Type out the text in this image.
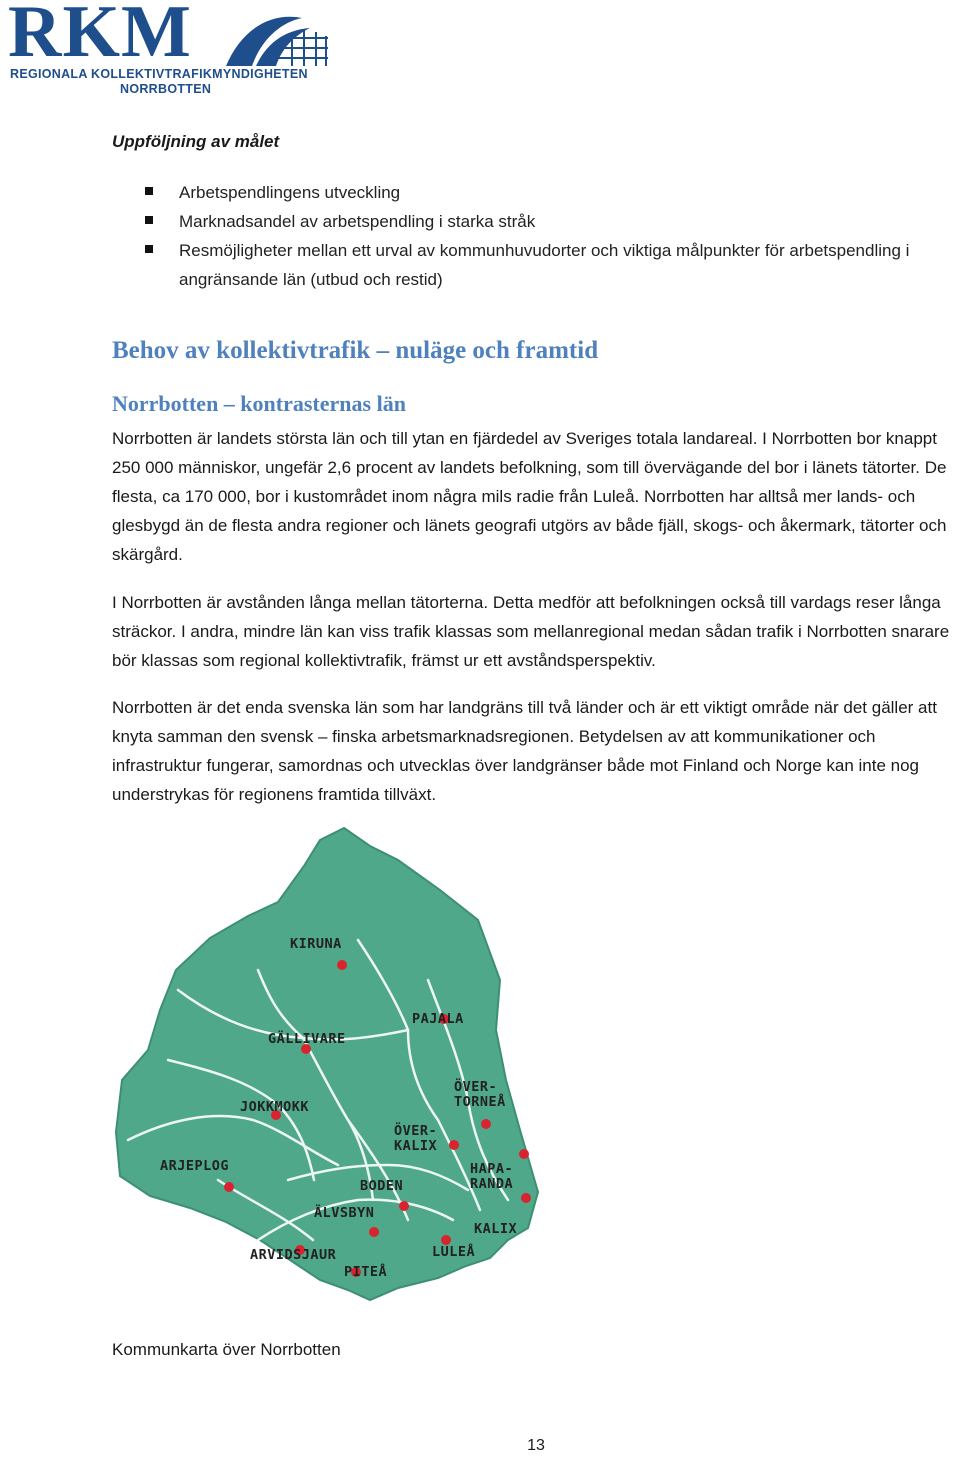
RKM
REGIONALA KOLLEKTIVTRAFIKMYNDIGHETEN
NORRBOTTEN
Uppföljning av målet
Arbetspendlingens utveckling
Marknadsandel av arbetspendling i starka stråk
Resmöjligheter mellan ett urval av kommunhuvudorter och viktiga målpunkter för arbetspendling i angränsande län (utbud och restid)
Behov av kollektivtrafik – nuläge och framtid
Norrbotten – kontrasternas län

Norrbotten är landets största län och till ytan en fjärdedel av Sveriges totala landareal. I Norrbotten bor knappt 250 000 människor, ungefär 2,6 procent av landets befolkning, som till övervägande del bor i länets tätorter. De flesta, ca 170 000, bor i kustområdet inom några mils radie från Luleå. Norrbotten har alltså mer lands- och glesbygd än de flesta andra regioner och länets geografi utgörs av både fjäll, skogs- och åkermark, tätorter och skärgård.

I Norrbotten är avstånden långa mellan tätorterna. Detta medför att befolkningen också till vardags reser långa sträckor. I andra, mindre län kan viss trafik klassas som mellanregional medan sådan trafik i Norrbotten snarare bör klassas som regional kollektivtrafik, främst ur ett avståndsperspektiv.

Norrbotten är det enda svenska län som har landgräns till två länder och är ett viktigt område när det gäller att knyta samman den svensk – finska arbetsmarknadsregionen. Betydelsen av att kommunikationer och infrastruktur fungerar, samordnas och utvecklas över landgränser både mot Finland och Norge kan inte nog understrykas för regionens framtida tillväxt.

KIRUNA
PAJALA
GÄLLIVARE
ÖVER-
TORNEÅ
JOKKMOKK
ÖVER-
KALIX
ARJEPLOG	HAPA-
RANDA
BODEN
ÄLVSBYN
KALIX
ARVIDSJAUR	LULEÅ
PITEÅ

Kommunkarta över Norrbotten

13
